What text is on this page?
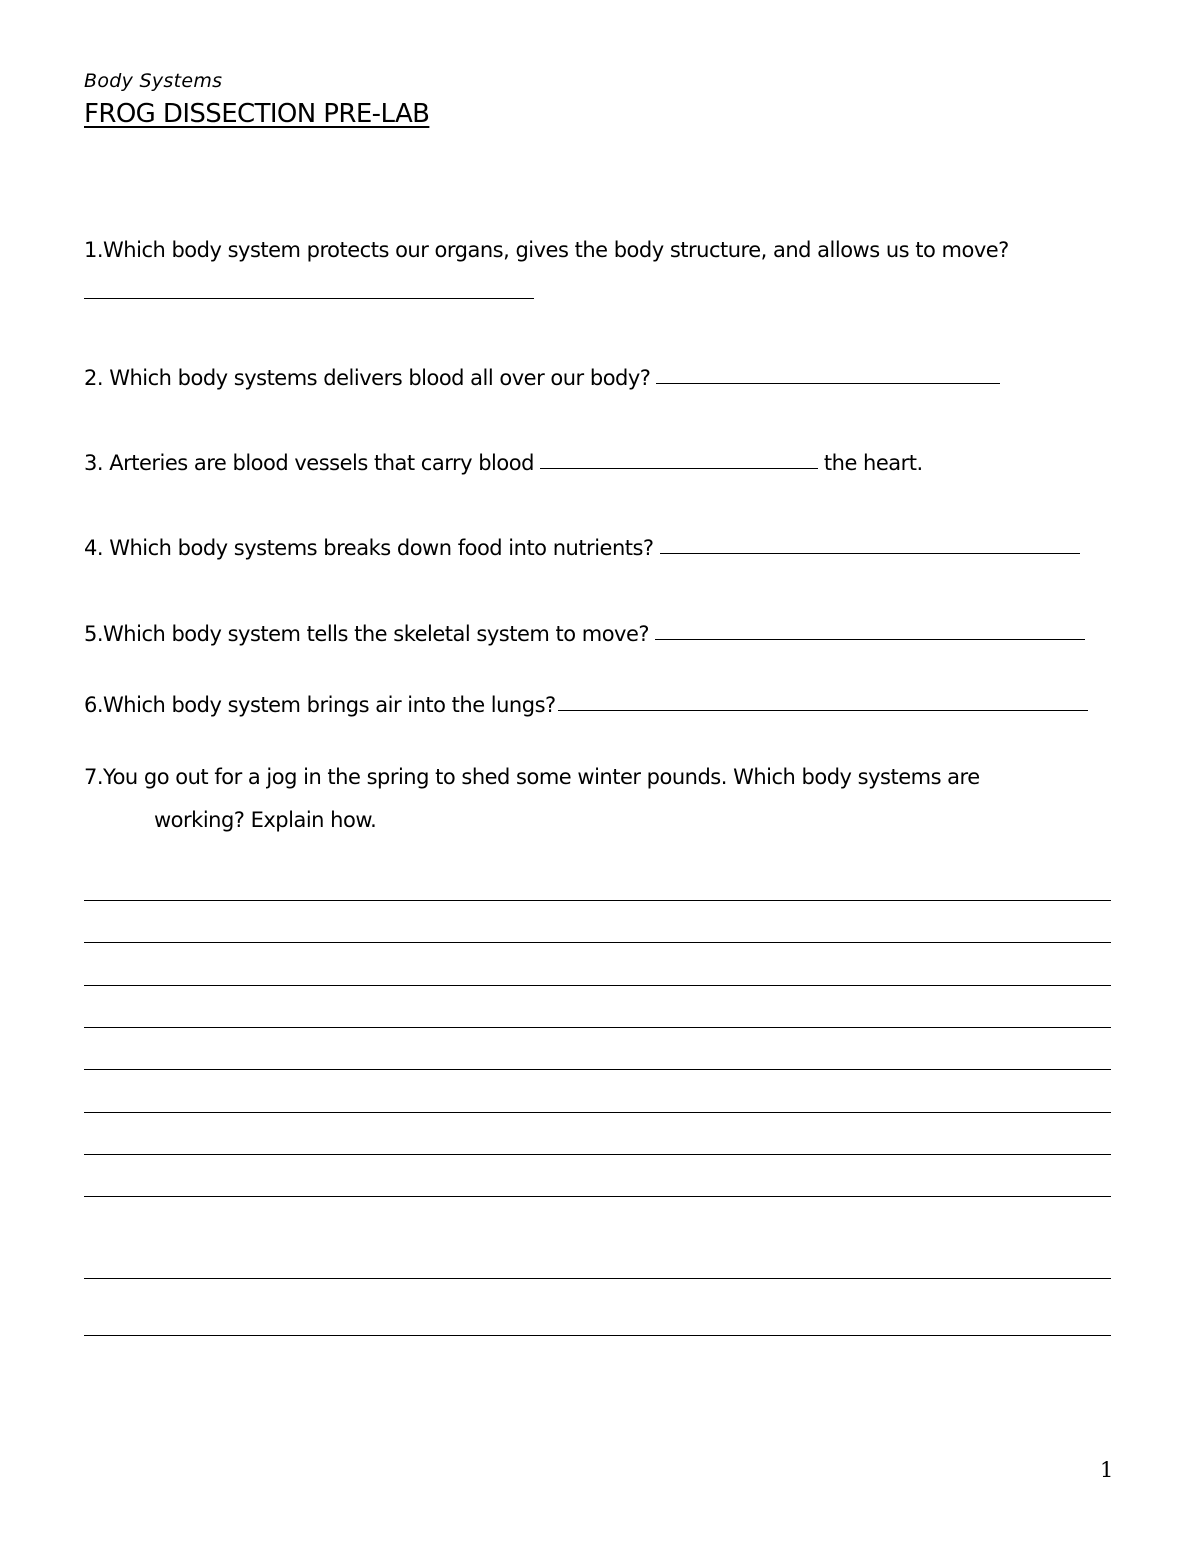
Body Systems
FROG DISSECTION PRE-LAB
1.Which body system protects our organs, gives the body structure, and allows us to move?
2. Which body systems delivers blood all over our body?
3. Arteries are blood vessels that carry blood	the heart.
4. Which body systems breaks down food into nutrients?
5.Which body system tells the skeletal system to move?
6.Which body system brings air into the lungs?
7.You go out for a jog in the spring to shed some winter pounds. Which body systems are
working? Explain how.
1
